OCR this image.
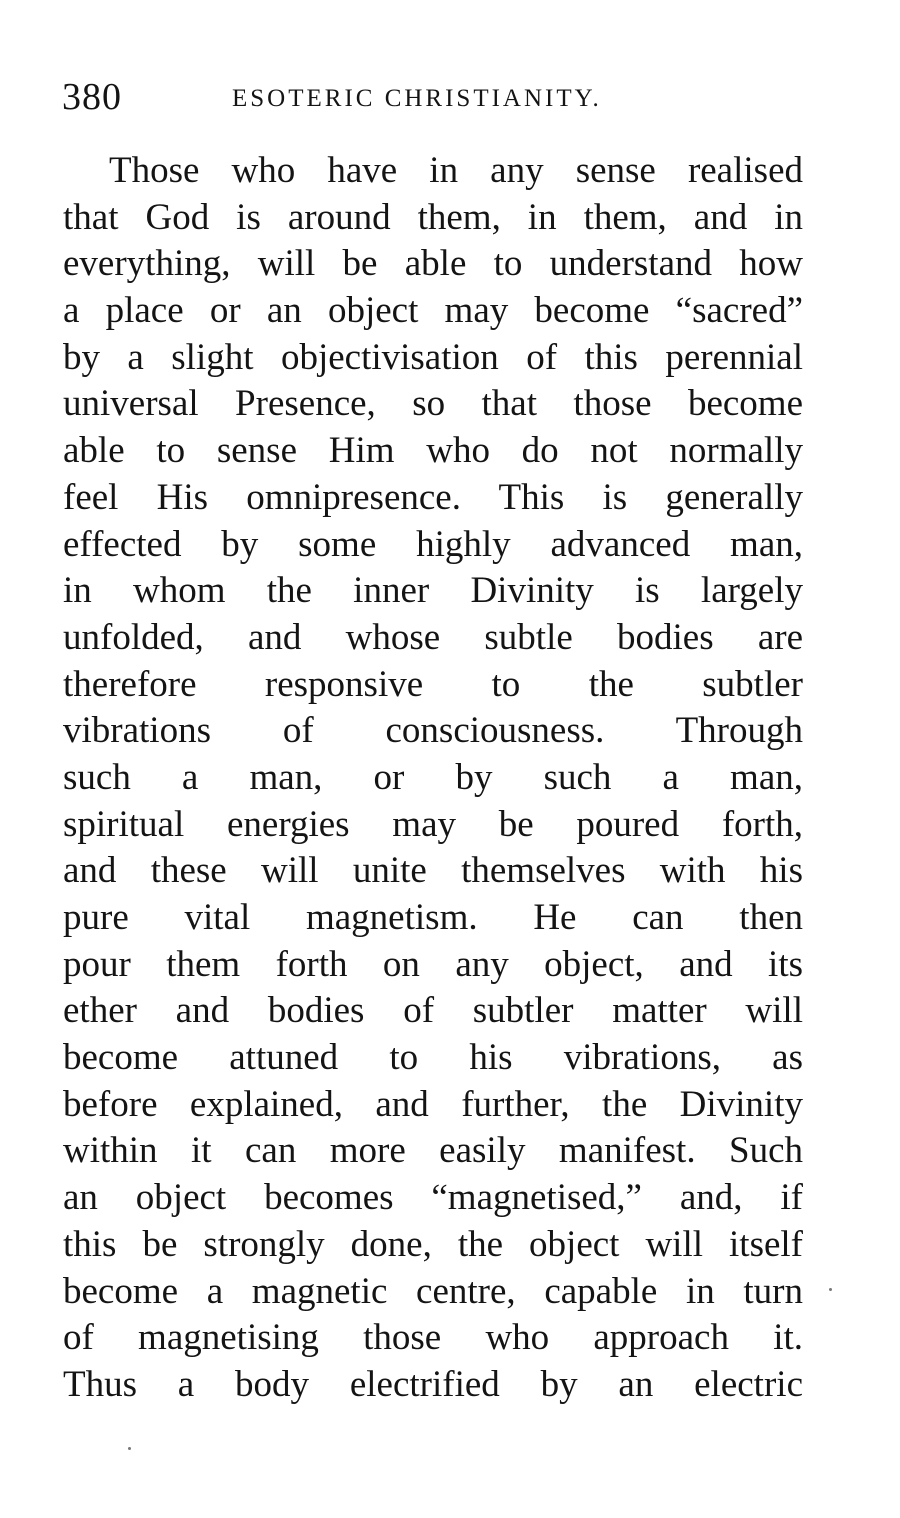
380	ESOTERIC CHRISTIANITY.
Those who have in any sense realised
that God is around them, in them, and in
everything, will be able to understand how
a place or an object may become “sacred”
by a slight objectivisation of this perennial
universal Presence, so that those become
able to sense Him who do not normally
feel His omnipresence. This is generally
effected by some highly advanced man,
in whom the inner Divinity is largely
unfolded, and whose subtle bodies are
therefore responsive to the subtler
vibrations of consciousness. Through
such a man, or by such a man,
spiritual energies may be poured forth,
and these will unite themselves with his
pure vital magnetism. He can then
pour them forth on any object, and its
ether and bodies of subtler matter will
become attuned to his vibrations, as
before explained, and further, the Divinity
within it can more easily manifest. Such
an object becomes “magnetised,” and, if
this be strongly done, the object will itself
become a magnetic centre, capable in turn
of magnetising those who approach it.
Thus a body electrified by an electric
